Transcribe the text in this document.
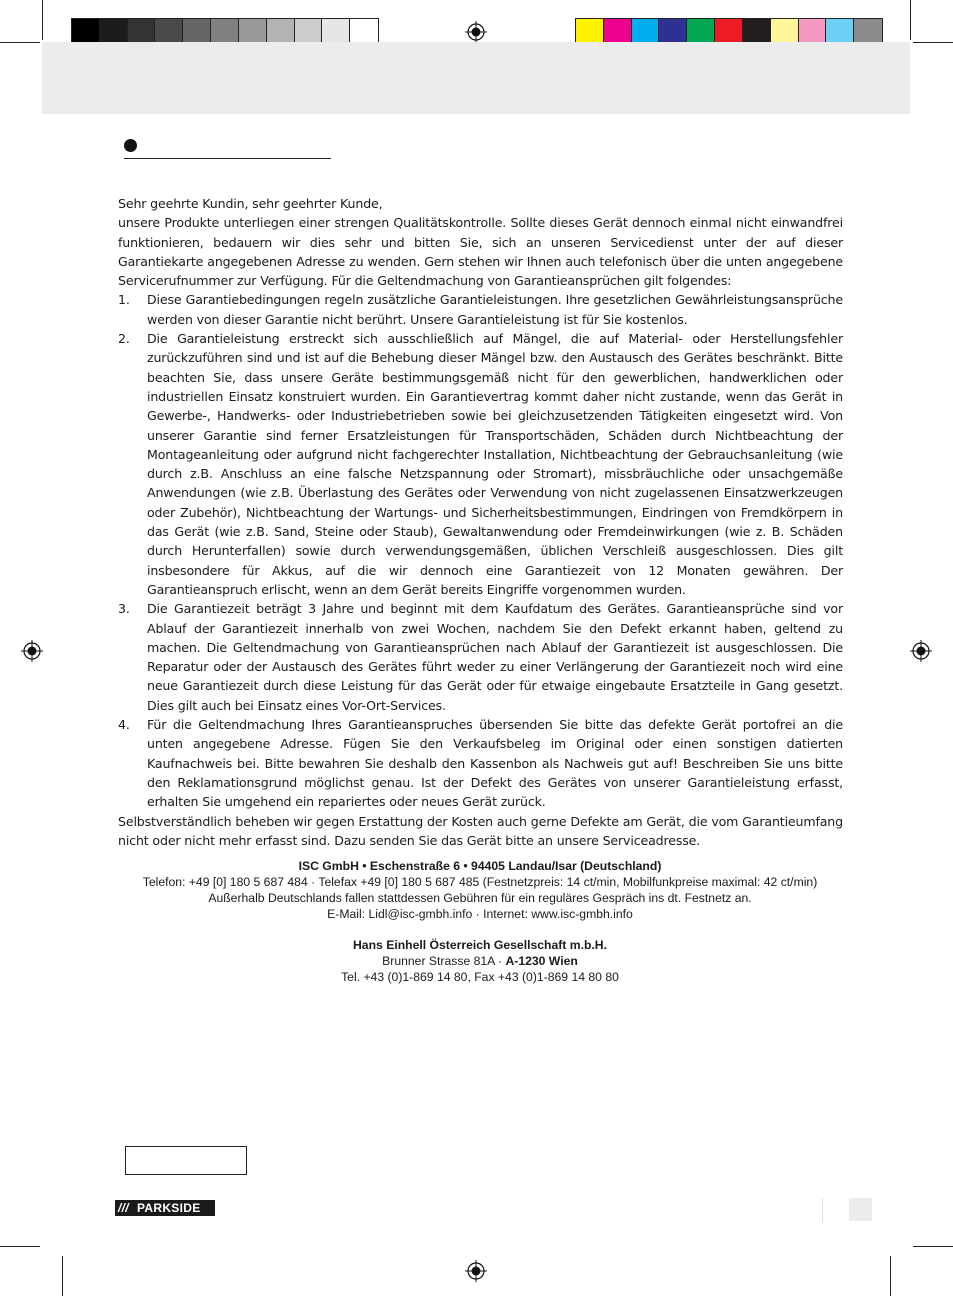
Sehr geehrte Kundin, sehr geehrter Kunde,

unsere Produkte unterliegen einer strengen Qualitätskontrolle. Sollte dieses Gerät dennoch einmal nicht einwandfrei funktionieren, bedauern wir dies sehr und bitten Sie, sich an unseren Servicedienst unter der auf dieser Garantiekarte angegebenen Adresse zu wenden. Gern stehen wir Ihnen auch telefonisch über die unten angegebene Servicerufnummer zur Verfügung. Für die Geltendmachung von Garantieansprüchen gilt folgendes:

1. Diese Garantiebedingungen regeln zusätzliche Garantieleistungen. Ihre gesetzlichen Gewährleistungsansprüche werden von dieser Garantie nicht berührt. Unsere Garantieleistung ist für Sie kostenlos.
2. Die Garantieleistung erstreckt sich ausschließlich auf Mängel, die auf Material- oder Herstellungsfehler zurückzuführen sind und ist auf die Behebung dieser Mängel bzw. den Austausch des Gerätes beschränkt. Bitte beachten Sie, dass unsere Geräte bestimmungsgemäß nicht für den gewerblichen, handwerklichen oder industriellen Einsatz konstruiert wurden. Ein Garantievertrag kommt daher nicht zustande, wenn das Gerät in Gewerbe-, Handwerks- oder Industriebetrieben sowie bei gleichzusetzenden Tätigkeiten eingesetzt wird. Von unserer Garantie sind ferner Ersatzleistungen für Transportschäden, Schäden durch Nichtbeachtung der Montageanleitung oder aufgrund nicht fachgerechter Installation, Nichtbeachtung der Gebrauchsanleitung (wie durch z.B. Anschluss an eine falsche Netzspannung oder Stromart), missbräuchliche oder unsachgemäße Anwendungen (wie z.B. Überlastung des Gerätes oder Verwendung von nicht zugelassenen Einsatzwerkzeugen oder Zubehör), Nichtbeachtung der Wartungs- und Sicherheitsbestimmungen, Eindringen von Fremdkörpern in das Gerät (wie z.B. Sand, Steine oder Staub), Gewaltanwendung oder Fremdeinwirkungen (wie z. B. Schäden durch Herunterfallen) sowie durch verwendungsgemäßen, üblichen Verschleiß ausgeschlossen. Dies gilt insbesondere für Akkus, auf die wir dennoch eine Garantiezeit von 12 Monaten gewähren. Der Garantieanspruch erlischt, wenn an dem Gerät bereits Eingriffe vorgenommen wurden.
3. Die Garantiezeit beträgt 3 Jahre und beginnt mit dem Kaufdatum des Gerätes. Garantieansprüche sind vor Ablauf der Garantiezeit innerhalb von zwei Wochen, nachdem Sie den Defekt erkannt haben, geltend zu machen. Die Geltendmachung von Garantieansprüchen nach Ablauf der Garantiezeit ist ausgeschlossen. Die Reparatur oder der Austausch des Gerätes führt weder zu einer Verlängerung der Garantiezeit noch wird eine neue Garantiezeit durch diese Leistung für das Gerät oder für etwaige eingebaute Ersatzteile in Gang gesetzt. Dies gilt auch bei Einsatz eines Vor-Ort-Services.
4. Für die Geltendmachung Ihres Garantieanspruches übersenden Sie bitte das defekte Gerät portofrei an die unten angegebene Adresse. Fügen Sie den Verkaufsbeleg im Original oder einen sonstigen datierten Kaufnachweis bei. Bitte bewahren Sie deshalb den Kassenbon als Nachweis gut auf! Beschreiben Sie uns bitte den Reklamationsgrund möglichst genau. Ist der Defekt des Gerätes von unserer Garantieleistung erfasst, erhalten Sie umgehend ein repariertes oder neues Gerät zurück.

Selbstverständlich beheben wir gegen Erstattung der Kosten auch gerne Defekte am Gerät, die vom Garantieumfang nicht oder nicht mehr erfasst sind. Dazu senden Sie das Gerät bitte an unsere Serviceadresse.

ISC GmbH • Eschenstraße 6 • 94405 Landau/Isar (Deutschland)
Telefon: +49 [0] 180 5 687 484 · Telefax +49 [0] 180 5 687 485 (Festnetzpreis: 14 ct/min, Mobilfunkpreise maximal: 42 ct/min)
Außerhalb Deutschlands fallen stattdessen Gebühren für ein reguläres Gespräch ins dt. Festnetz an.
E-Mail: Lidl@isc-gmbh.info · Internet: www.isc-gmbh.info
Hans Einhell Österreich Gesellschaft m.b.H.
Brunner Strasse 81A · A-1230 Wien
Tel. +43 (0)1-869 14 80, Fax +43 (0)1-869 14 80 80
/// PARKSIDE
